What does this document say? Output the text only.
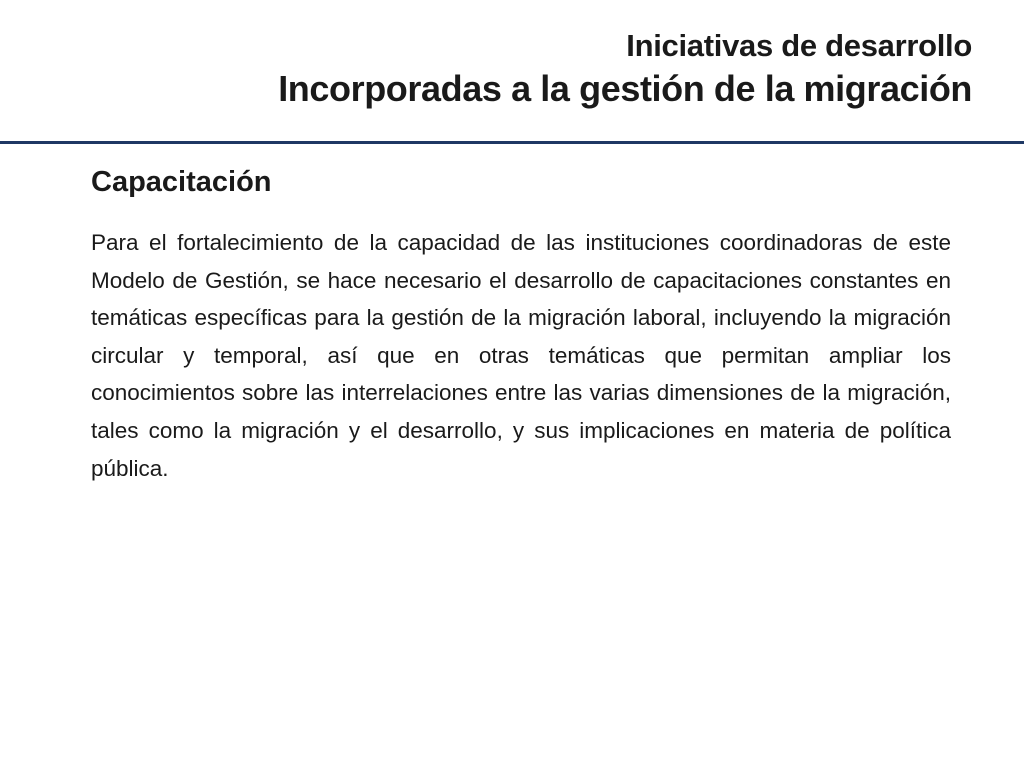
Iniciativas de desarrollo
Incorporadas a la gestión de la migración
Capacitación

Para el fortalecimiento de la capacidad de las instituciones coordinadoras de este Modelo de Gestión, se hace necesario el desarrollo de capacitaciones constantes en temáticas específicas para la gestión de la migración laboral, incluyendo la migración circular y temporal, así que en otras temáticas que permitan ampliar los conocimientos sobre las interrelaciones entre las varias dimensiones de la migración, tales como la migración y el desarrollo, y sus implicaciones en materia de política pública.
